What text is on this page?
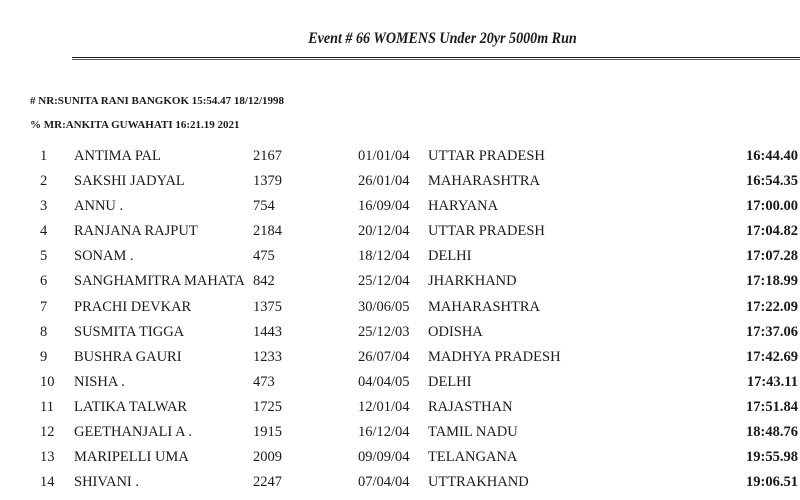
Event # 66 WOMENS Under 20yr 5000m Run
# NR:SUNITA RANI BANGKOK 15:54.47 18/12/1998
% MR:ANKITA GUWAHATI 16:21.19 2021
1	ANTIMA PAL	2167	01/01/04 UTTAR PRADESH	16:44.40
2	SAKSHI JADYAL	1379	26/01/04 MAHARASHTRA	16:54.35
3	ANNU .	754	16/09/04 HARYANA	17:00.00
4	RANJANA RAJPUT	2184	20/12/04 UTTAR PRADESH	17:04.82
5	SONAM .	475	18/12/04 DELHI	17:07.28
6	SANGHAMITRA MAHATA 842	25/12/04 JHARKHAND	17:18.99
7	PRACHI DEVKAR	1375	30/06/05 MAHARASHTRA	17:22.09
8	SUSMITA TIGGA	1443	25/12/03 ODISHA	17:37.06
9	BUSHRA GAURI	1233	26/07/04 MADHYA PRADESH	17:42.69
10	NISHA .	473	04/04/05 DELHI	17:43.11
11	LATIKA TALWAR	1725	12/01/04 RAJASTHAN	17:51.84
12	GEETHANJALI A .	1915	16/12/04 TAMIL NADU	18:48.76
13	MARIPELLI UMA	2009	09/09/04 TELANGANA	19:55.98
14	SHIVANI .	2247	07/04/04 UTTRAKHAND	19:06.51
